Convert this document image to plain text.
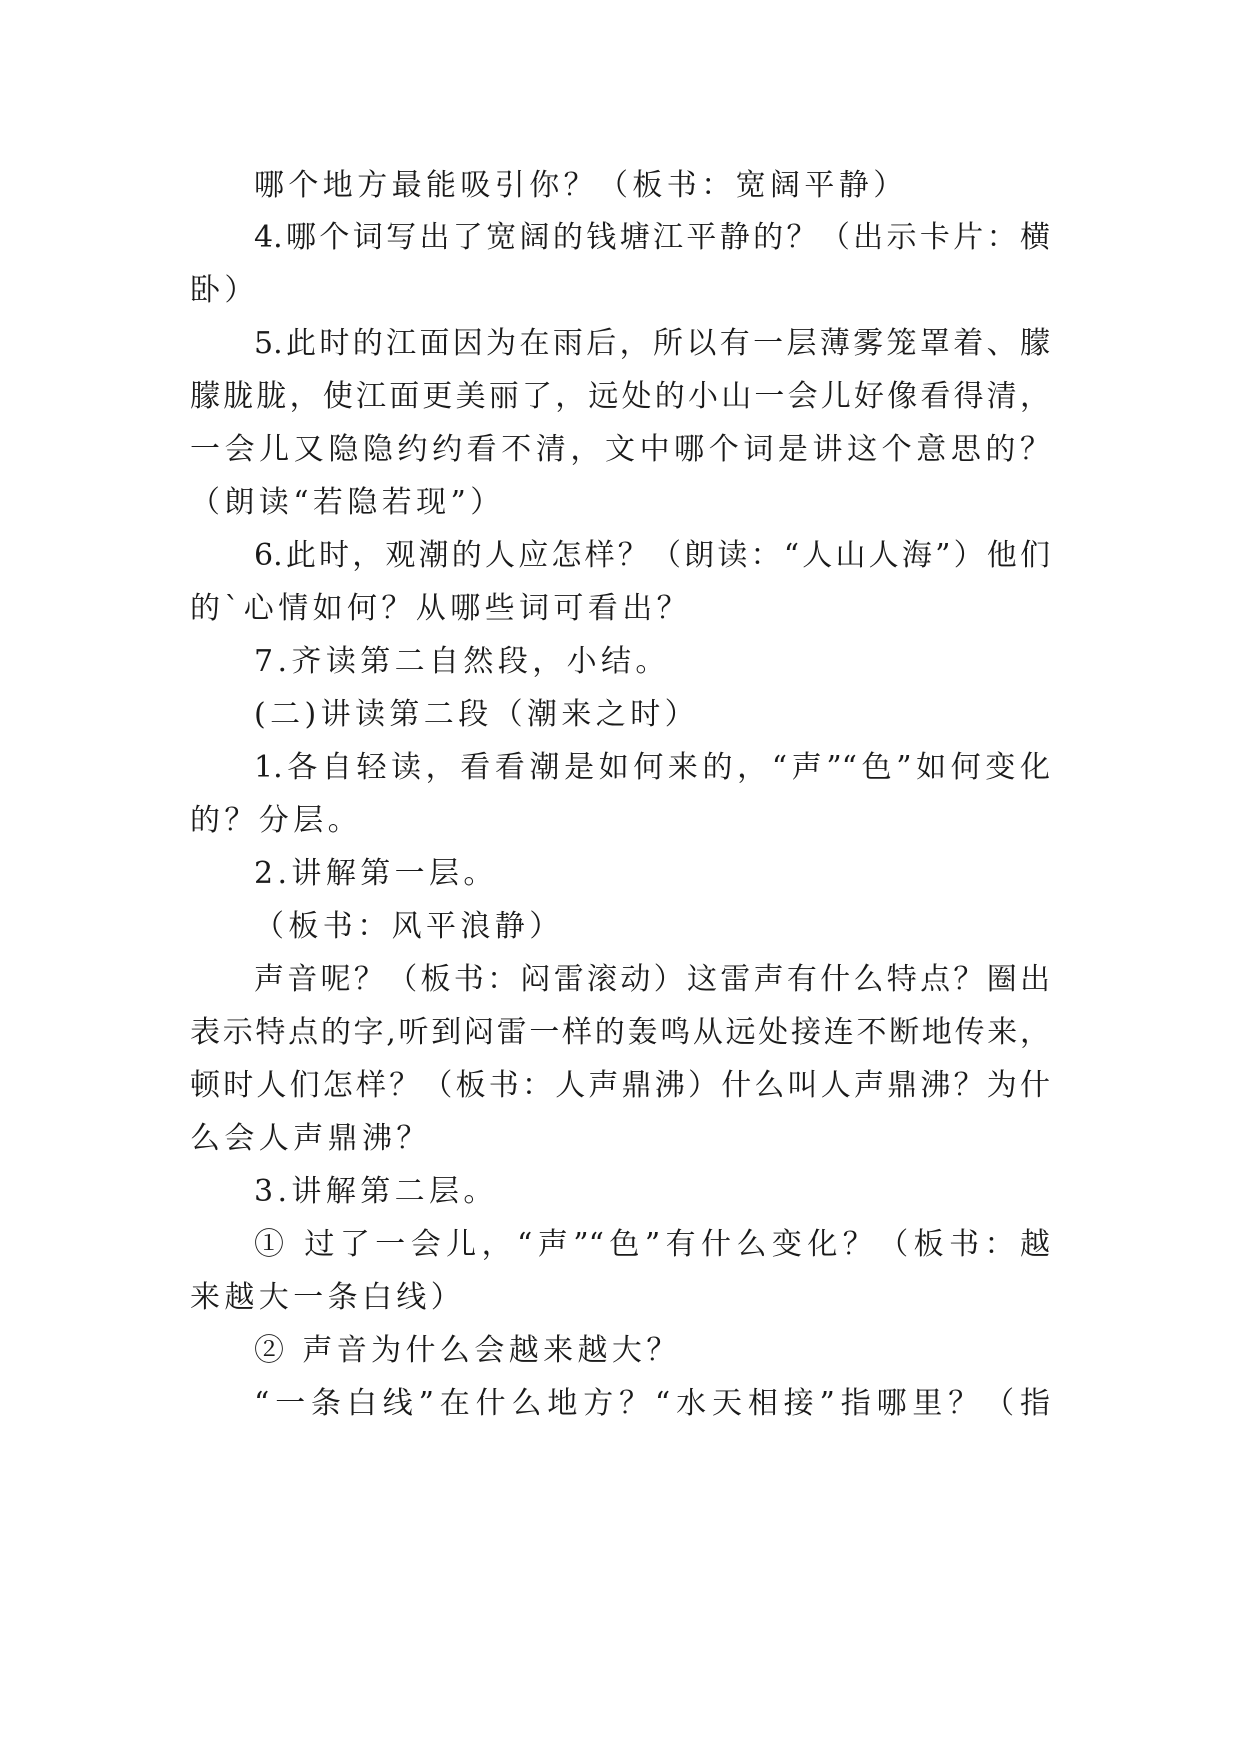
哪个地方最能吸引你？（板书：宽阔平静）
4.哪个词写出了宽阔的钱塘江平静的？（出示卡片：横
卧）
5.此时的江面因为在雨后，所以有一层薄雾笼罩着、朦
朦胧胧，使江面更美丽了，远处的小山一会儿好像看得清，
一会儿又隐隐约约看不清，文中哪个词是讲这个意思的？
（朗读“若隐若现”）
6.此时，观潮的人应怎样？（朗读：“人山人海”）他们
的`心情如何？从哪些词可看出？
7.齐读第二自然段，小结。
(二)讲读第二段（潮来之时）
1.各自轻读，看看潮是如何来的，“声”“色”如何变化
的？分层。
2.讲解第一层。
（板书：风平浪静）
声音呢？（板书：闷雷滚动）这雷声有什么特点？圈出
表示特点的字,听到闷雷一样的轰鸣从远处接连不断地传来，
顿时人们怎样？（板书：人声鼎沸）什么叫人声鼎沸？为什
么会人声鼎沸？
3.讲解第二层。
① 过了一会儿，“声”“色”有什么变化？（板书：越
来越大一条白线）
② 声音为什么会越来越大？
“一条白线”在什么地方？“水天相接”指哪里？（指
